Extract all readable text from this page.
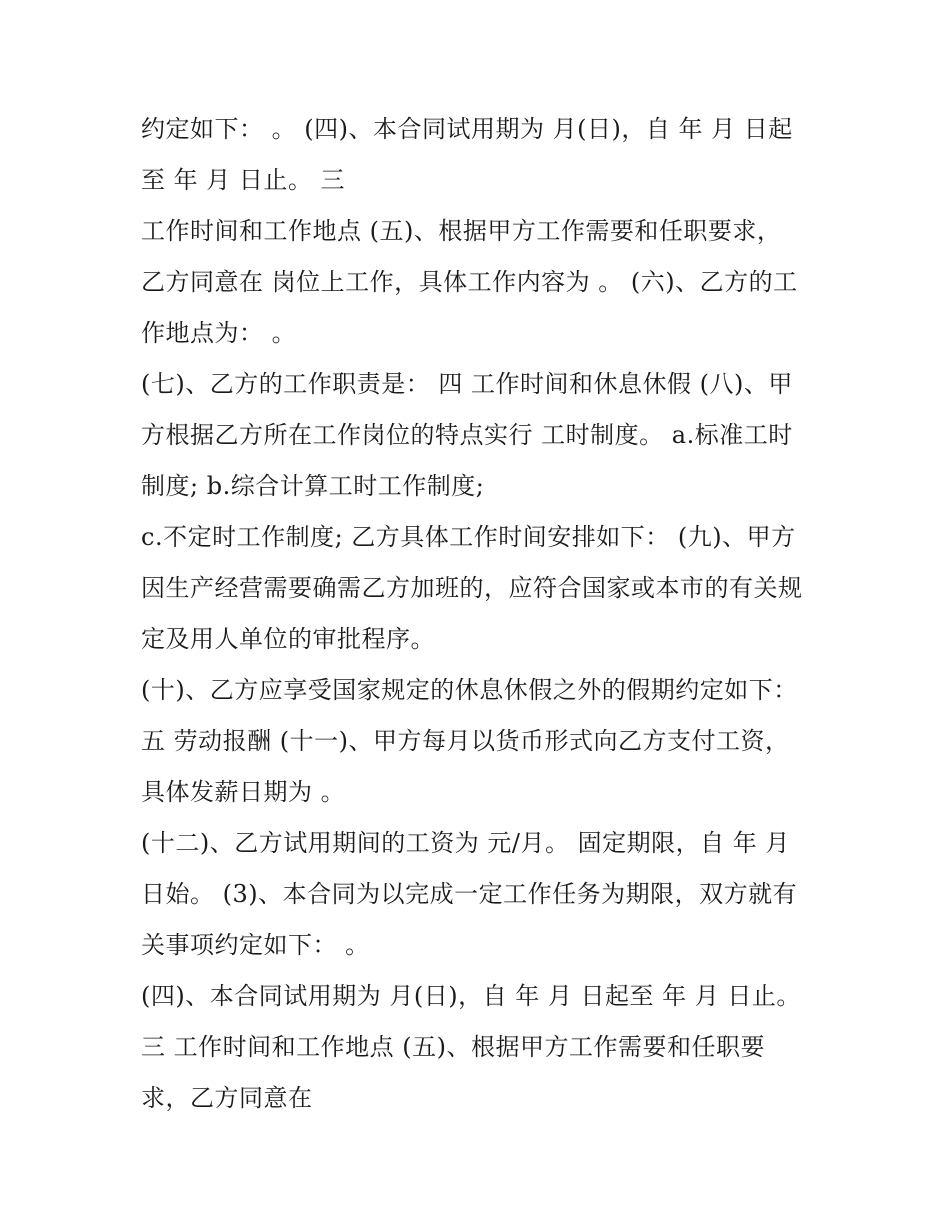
约定如下： 。 (四)、本合同试用期为 月(日)，自 年 月 日起
至 年 月 日止。 三
工作时间和工作地点 (五)、根据甲方工作需要和任职要求，
乙方同意在 岗位上工作，具体工作内容为 。 (六)、乙方的工
作地点为： 。
(七)、乙方的工作职责是： 四 工作时间和休息休假 (八)、甲
方根据乙方所在工作岗位的特点实行 工时制度。 a.标准工时
制度; b.综合计算工时工作制度;
c.不定时工作制度; 乙方具体工作时间安排如下： (九)、甲方
因生产经营需要确需乙方加班的，应符合国家或本市的有关规
定及用人单位的审批程序。
(十)、乙方应享受国家规定的休息休假之外的假期约定如下：
五 劳动报酬 (十一)、甲方每月以货币形式向乙方支付工资，
具体发薪日期为 。
(十二)、乙方试用期间的工资为 元/月。 固定期限，自 年 月
日始。 (3)、本合同为以完成一定工作任务为期限，双方就有
关事项约定如下： 。
(四)、本合同试用期为 月(日)，自 年 月 日起至 年 月 日止。
三 工作时间和工作地点 (五)、根据甲方工作需要和任职要
求，乙方同意在
